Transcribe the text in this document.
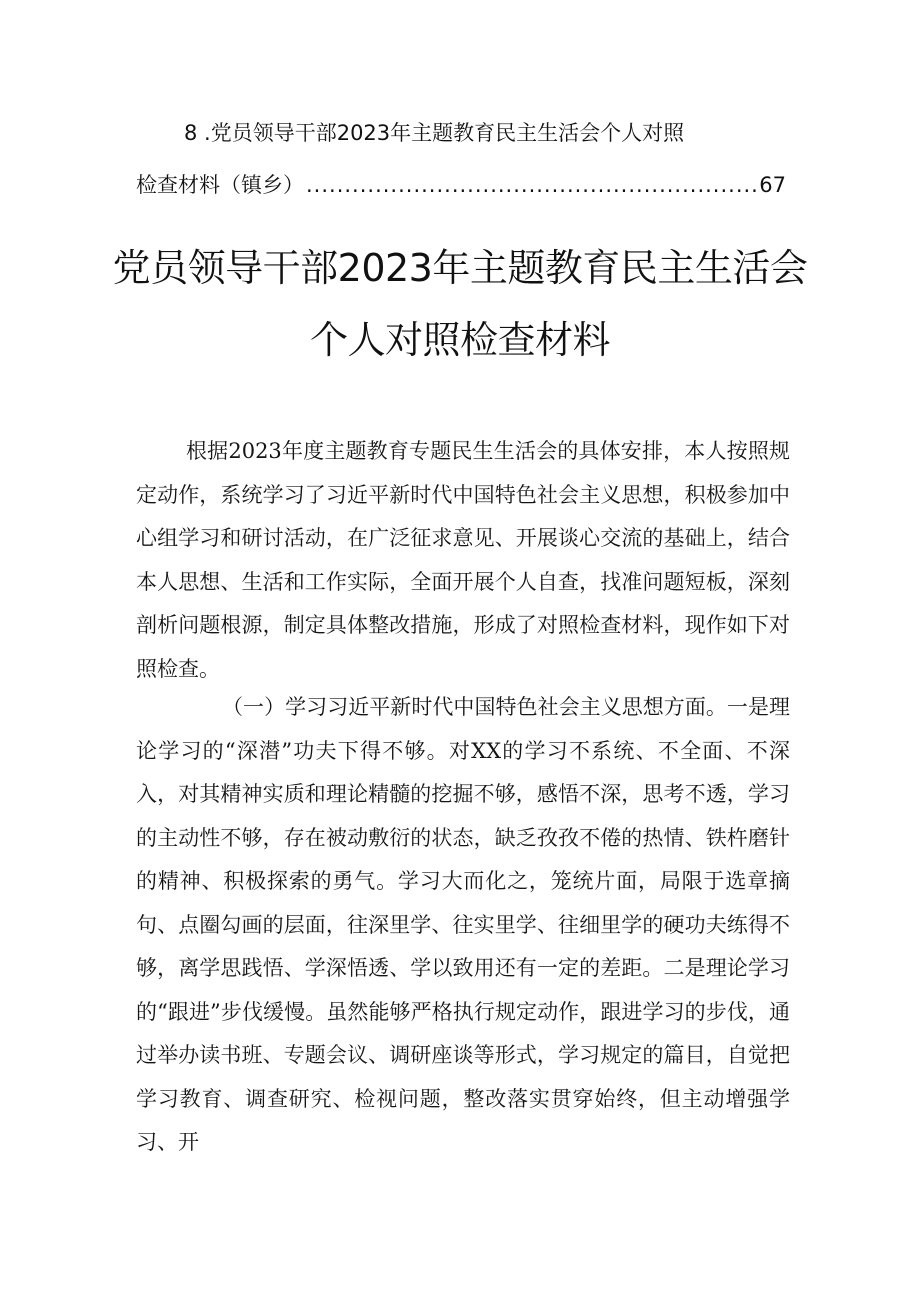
8 .党员领导干部2023年主题教育民主生活会个人对照
检查材料（镇乡）
.....	67
党员领导干部2023年主题教育民主生活会
个人对照检查材料

根据2023年度主题教育专题民生生活会的具体安排，本人按照规定动作，系统学习了习近平新时代中国特色社会主义思想，积极参加中心组学习和研讨活动，在广泛征求意见、开展谈心交流的基础上，结合本人思想、生活和工作实际，全面开展个人自查，找准问题短板，深刻剖析问题根源，制定具体整改措施，形成了对照检查材料，现作如下对照检查。

（一）学习习近平新时代中国特色社会主义思想方面。一是理论学习的“深潜”功夫下得不够。对XX的学习不系统、不全面、不深入，对其精神实质和理论精髓的挖掘不够，感悟不深，思考不透，学习的主动性不够，存在被动敷衍的状态，缺乏孜孜不倦的热情、铁杵磨针的精神、积极探索的勇气。学习大而化之，笼统片面，局限于选章摘句、点圈勾画的层面，往深里学、往实里学、往细里学的硬功夫练得不够，离学思践悟、学深悟透、学以致用还有一定的差距。二是理论学习的“跟进”步伐缓慢。虽然能够严格执行规定动作，跟进学习的步伐，通过举办读书班、专题会议、调研座谈等形式，学习规定的篇目，自觉把学习教育、调查研究、检视问题，整改落实贯穿始终，但主动增强学习、开
